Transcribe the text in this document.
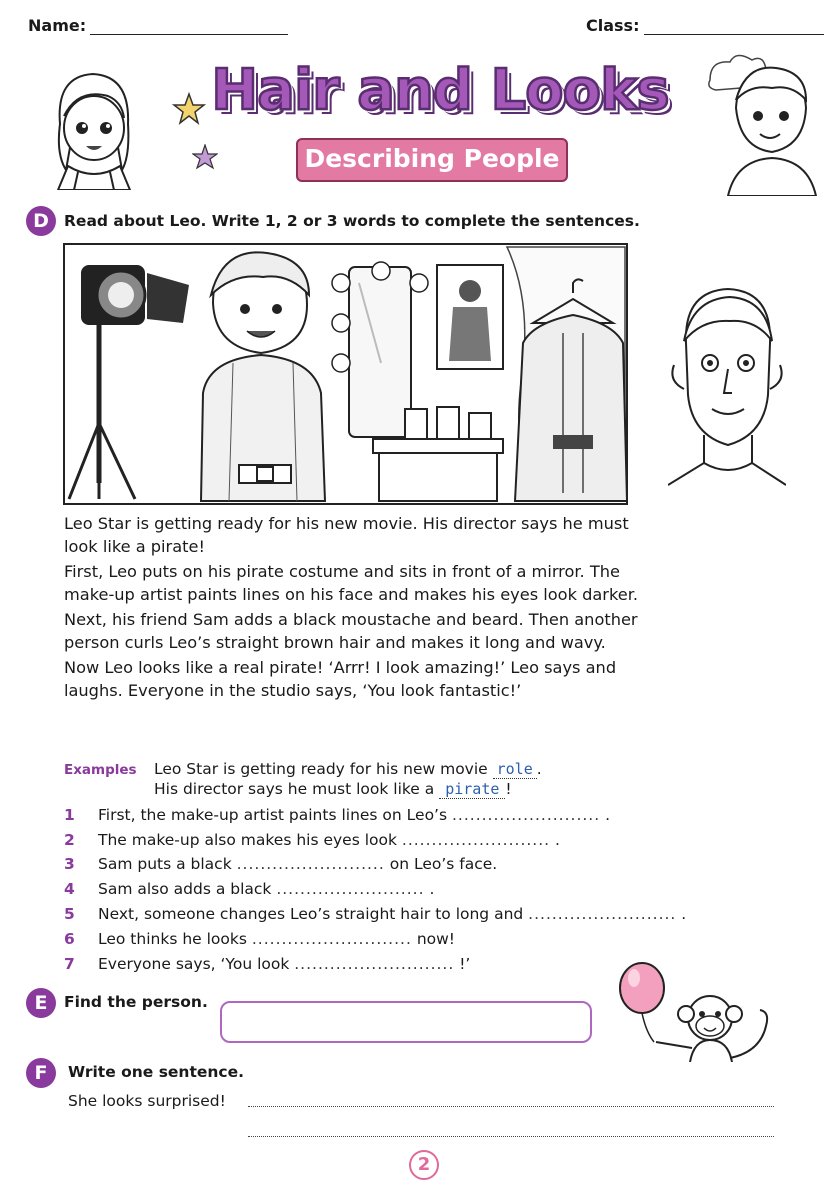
Name:	Class:
Hair and Looks
Describing People
D Read about Leo. Write 1, 2 or 3 words to complete the sentences.

Leo Star is getting ready for his new movie. His director says he must look like a pirate!

First, Leo puts on his pirate costume and sits in front of a mirror. The make-up artist paints lines on his face and makes his eyes look darker.

Next, his friend Sam adds a black moustache and beard. Then another person curls Leo’s straight brown hair and makes it long and wavy.

Now Leo looks like a real pirate! ‘Arrr! I look amazing!’ Leo says and laughs. Everyone in the studio says, ‘You look fantastic!’

Examples Leo Star is getting ready for his new movie role .
His director says he must look like a pirate !
1 First, the make-up artist paints lines on Leo’s ......................... .
2 The make-up also makes his eyes look ......................... .
3 Sam puts a black ......................... on Leo’s face.
4 Sam also adds a black ......................... .
5 Next, someone changes Leo’s straight hair to long and ......................... .
6 Leo thinks he looks ........................... now!
7 Everyone says, ‘You look ........................... !’
E	Find the person.
F	Write one sentence.
She looks surprised!
2
